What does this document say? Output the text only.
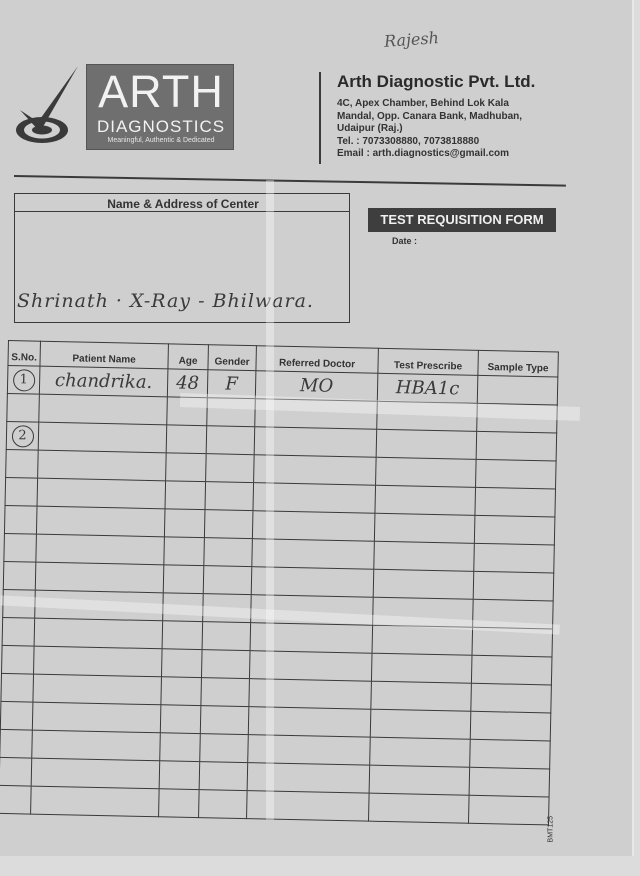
Rajesh
ARTH
DIAGNOSTICS
Meaningful, Authentic & Dedicated
Arth Diagnostic Pvt. Ltd.
4C, Apex Chamber, Behind Lok Kala
Mandal, Opp. Canara Bank, Madhuban,
Udaipur (Raj.)
Tel. : 7073308880, 7073818880
Email : arth.diagnostics@gmail.com
Name & Address of Center
Shrinath · X-Ray - Bhilwara.
TEST REQUISITION FORM
Date :
S.No.	Patient Name	Age	Gender	Referred Doctor	Test Prescribe	Sample Type
1	chandrika.	48	F	MO	HBA1c	

2						

BMT125
